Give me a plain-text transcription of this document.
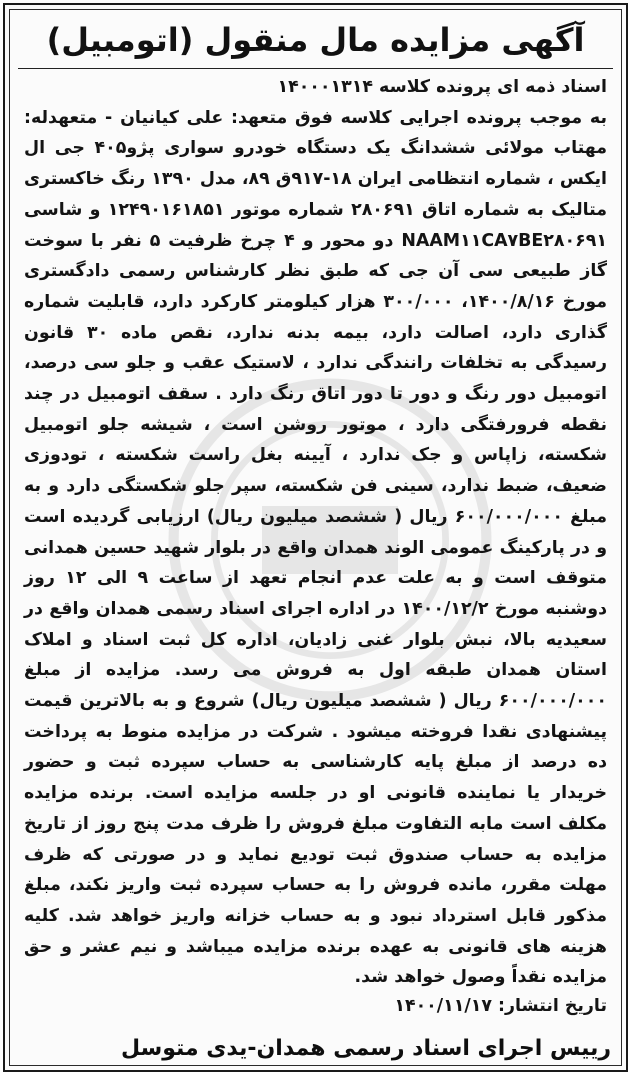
آگهی مزایده مال منقول (اتومبیل)

اسناد ذمه ای پرونده کلاسه ۱۴۰۰۰۱۳۱۴

به موجب پرونده اجرایی کلاسه فوق متعهد: علی کیانیان - متعهدله: مهتاب مولائی ششدانگ یک دستگاه خودرو سواری پژو۴۰۵ جی ال ایکس ، شماره انتظامی ایران ۱۸-۹۱۷ق ۸۹، مدل ۱۳۹۰ رنگ خاکستری متالیک به شماره اتاق ۲۸۰۶۹۱ شماره موتور ۱۲۴۹۰۱۶۱۸۵۱ و شاسی NAAM۱۱CA۷BE۲۸۰۶۹۱ دو محور و ۴ چرخ ظرفیت ۵ نفر با سوخت گاز طبیعی سی آن جی که طبق نظر کارشناس رسمی دادگستری مورخ ۱۴۰۰/۸/۱۶، ۳۰۰/۰۰۰ هزار کیلومتر کارکرد دارد، قابلیت شماره گذاری دارد، اصالت دارد، بیمه بدنه ندارد، نقص ماده ۳۰ قانون رسیدگی به تخلفات رانندگی ندارد ، لاستیک عقب و جلو سی درصد، اتومبیل دور رنگ و دور تا دور اتاق رنگ دارد . سقف اتومبیل در چند نقطه فرورفتگی دارد ، موتور روشن است ، شیشه جلو اتومبیل شکسته، زاپاس و جک ندارد ، آیینه بغل راست شکسته ، تودوزی ضعیف، ضبط ندارد، سینی فن شکسته، سپر جلو شکستگی دارد و به مبلغ ۶۰۰/۰۰۰/۰۰۰ ریال ( ششصد میلیون ریال) ارزیابی گردیده است و در پارکینگ عمومی الوند همدان واقع در بلوار شهید حسین همدانی متوقف است و به علت عدم انجام تعهد از ساعت ۹ الی ۱۲ روز دوشنبه مورخ ۱۴۰۰/۱۲/۲ در اداره اجرای اسناد رسمی همدان واقع در سعیدیه بالا، نبش بلوار غنی زادیان، اداره کل ثبت اسناد و املاک استان همدان طبقه اول به فروش می رسد. مزایده از مبلغ ۶۰۰/۰۰۰/۰۰۰ ریال ( ششصد میلیون ریال) شروع و به بالاترین قیمت پیشنهادی نقدا فروخته میشود . شرکت در مزایده منوط به پرداخت ده درصد از مبلغ پایه کارشناسی به حساب سپرده ثبت و حضور خریدار یا نماینده قانونی او در جلسه مزایده است. برنده مزایده مکلف است مابه التفاوت مبلغ فروش را ظرف مدت پنج روز از تاریخ مزایده به حساب صندوق ثبت تودیع نماید و در صورتی که ظرف مهلت مقرر، مانده فروش را به حساب سپرده ثبت واریز نکند، مبلغ مذکور قابل استرداد نبود و به حساب خزانه واریز خواهد شد. کلیه هزینه های قانونی به عهده برنده مزایده میباشد و نیم عشر و حق مزایده نقداً وصول خواهد شد.

تاریخ انتشار: ۱۴۰۰/۱۱/۱۷
رییس اجرای اسناد رسمی همدان-یدی متوسل
